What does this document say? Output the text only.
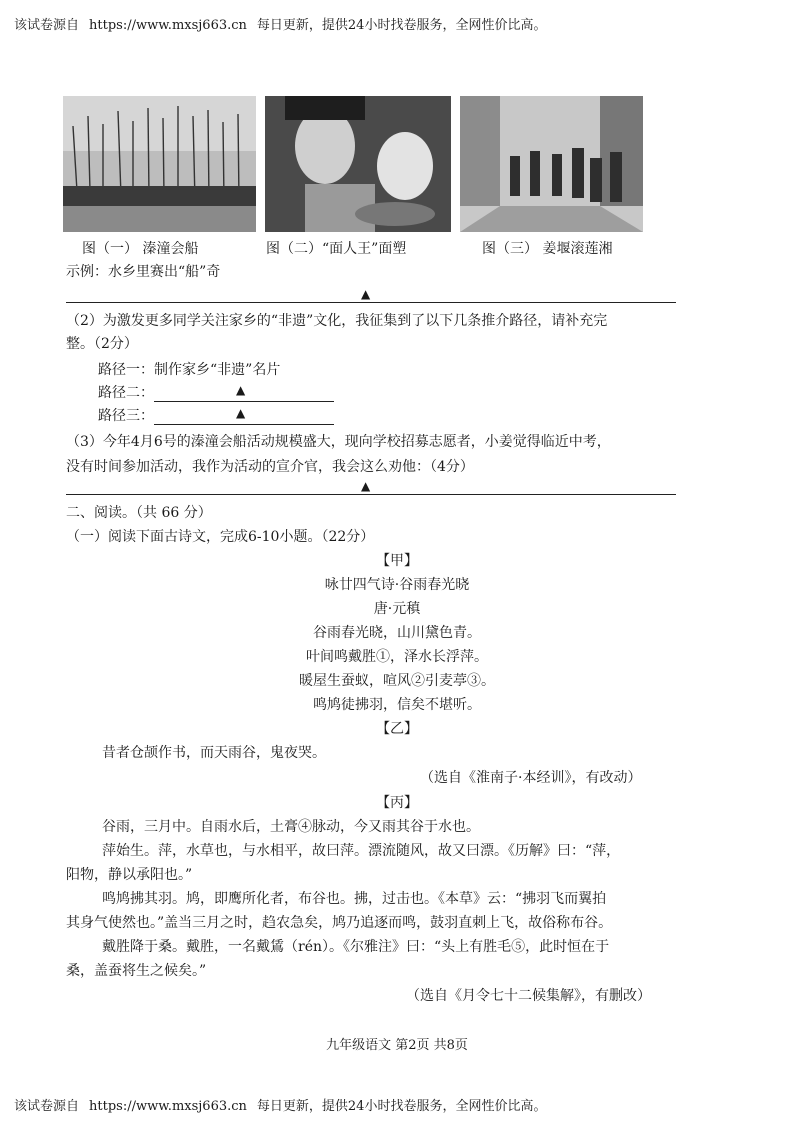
该试卷源自 https://www.mxsj663.cn 每日更新，提供24小时找卷服务，全网性价比高。
图（一） 溱潼会船	图（二）“面人王”面塑	图（三） 姜堰滚莲湘
示例：水乡里赛出“船”奇
▲
（2）为激发更多同学关注家乡的“非遗”文化，我征集到了以下几条推介路径，请补充完
整。（2分）
路径一：制作家乡“非遗”名片
路径二：	▲
路径三：	▲
（3）今年4月6号的溱潼会船活动规模盛大，现向学校招募志愿者，小姜觉得临近中考，
没有时间参加活动，我作为活动的宣介官，我会这么劝他：（4分）
▲
二、阅读。（共 66 分）
（一）阅读下面古诗文，完成6-10小题。（22分）
【甲】
咏廿四气诗·谷雨春光晓
唐·元稹
谷雨春光晓，山川黛色青。
叶间鸣戴胜①，泽水长浮萍。
暖屋生蚕蚁，喧风②引麦葶③。
鸣鸠徒拂羽，信矣不堪听。
【乙】
昔者仓颉作书，而天雨谷，鬼夜哭。
（选自《淮南子·本经训》，有改动）
【丙】
谷雨，三月中。自雨水后，土膏④脉动，今又雨其谷于水也。
萍始生。萍，水草也，与水相平，故曰萍。漂流随风，故又曰漂。《历解》曰：“萍，
阳物，静以承阳也。”
鸣鸠拂其羽。鸠，即鹰所化者，布谷也。拂，过击也。《本草》云：“拂羽飞而翼拍
其身气使然也。”盖当三月之时，趋农急矣，鸠乃追逐而鸣，鼓羽直刺上飞，故俗称布谷。
戴胜降于桑。戴胜，一名戴鵀（rén）。《尔雅注》曰：“头上有胜毛⑤，此时恒在于
桑，盖蚕将生之候矣。”
（选自《月令七十二候集解》，有删改）
九年级语文 第2页 共8页
该试卷源自 https://www.mxsj663.cn 每日更新，提供24小时找卷服务，全网性价比高。
